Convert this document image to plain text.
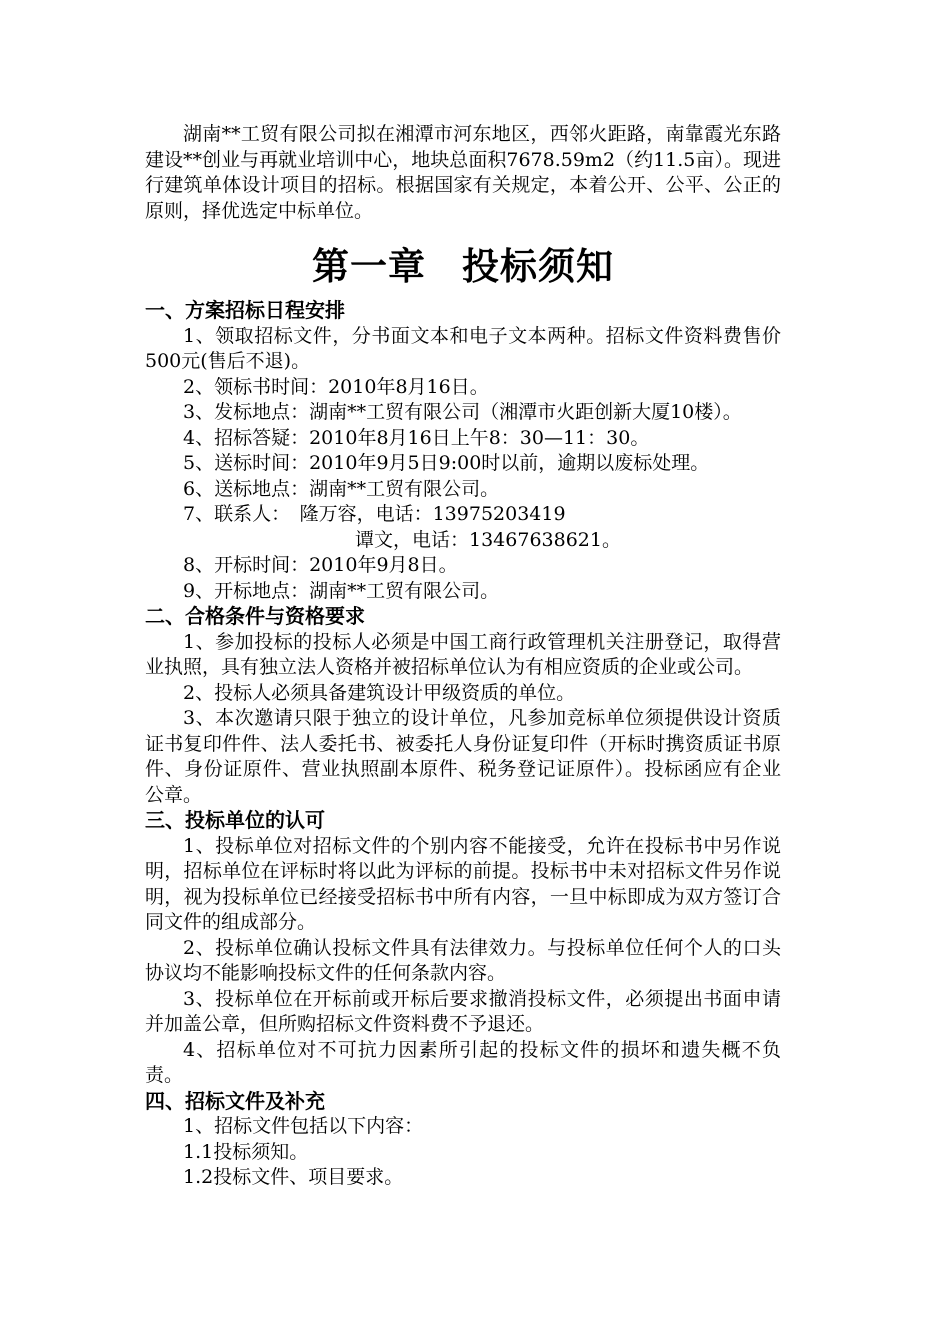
湖南**工贸有限公司拟在湘潭市河东地区，西邻火距路，南靠霞光东路建设**创业与再就业培训中心，地块总面积7678.59m2（约11.5亩）。现进行建筑单体设计项目的招标。根据国家有关规定，本着公开、公平、公正的原则，择优选定中标单位。

第一章 投标须知
一、方案招标日程安排

1、领取招标文件，分书面文本和电子文本两种。招标文件资料费售价500元(售后不退)。

2、领标书时间：2010年8月16日。

3、发标地点：湖南**工贸有限公司（湘潭市火距创新大厦10楼）。

4、招标答疑：2010年8月16日上午8：30—11：30。

5、送标时间：2010年9月5日9:00时以前，逾期以废标处理。

6、送标地点：湖南**工贸有限公司。

7、联系人：　隆万容，电话：13975203419

谭文，电话：13467638621。

8、开标时间：2010年9月8日。

9、开标地点：湖南**工贸有限公司。

二、合格条件与资格要求

1、参加投标的投标人必须是中国工商行政管理机关注册登记，取得营业执照，具有独立法人资格并被招标单位认为有相应资质的企业或公司。

2、投标人必须具备建筑设计甲级资质的单位。

3、本次邀请只限于独立的设计单位，凡参加竞标单位须提供设计资质证书复印件件、法人委托书、被委托人身份证复印件（开标时携资质证书原件、身份证原件、营业执照副本原件、税务登记证原件）。投标函应有企业公章。

三、投标单位的认可

1、投标单位对招标文件的个别内容不能接受，允许在投标书中另作说明，招标单位在评标时将以此为评标的前提。投标书中未对招标文件另作说明，视为投标单位已经接受招标书中所有内容，一旦中标即成为双方签订合同文件的组成部分。

2、投标单位确认投标文件具有法律效力。与投标单位任何个人的口头协议均不能影响投标文件的任何条款内容。

3、投标单位在开标前或开标后要求撤消投标文件，必须提出书面申请并加盖公章，但所购招标文件资料费不予退还。

4、招标单位对不可抗力因素所引起的投标文件的损坏和遗失概不负责。

四、招标文件及补充

1、招标文件包括以下内容：

1.1投标须知。

1.2投标文件、项目要求。
